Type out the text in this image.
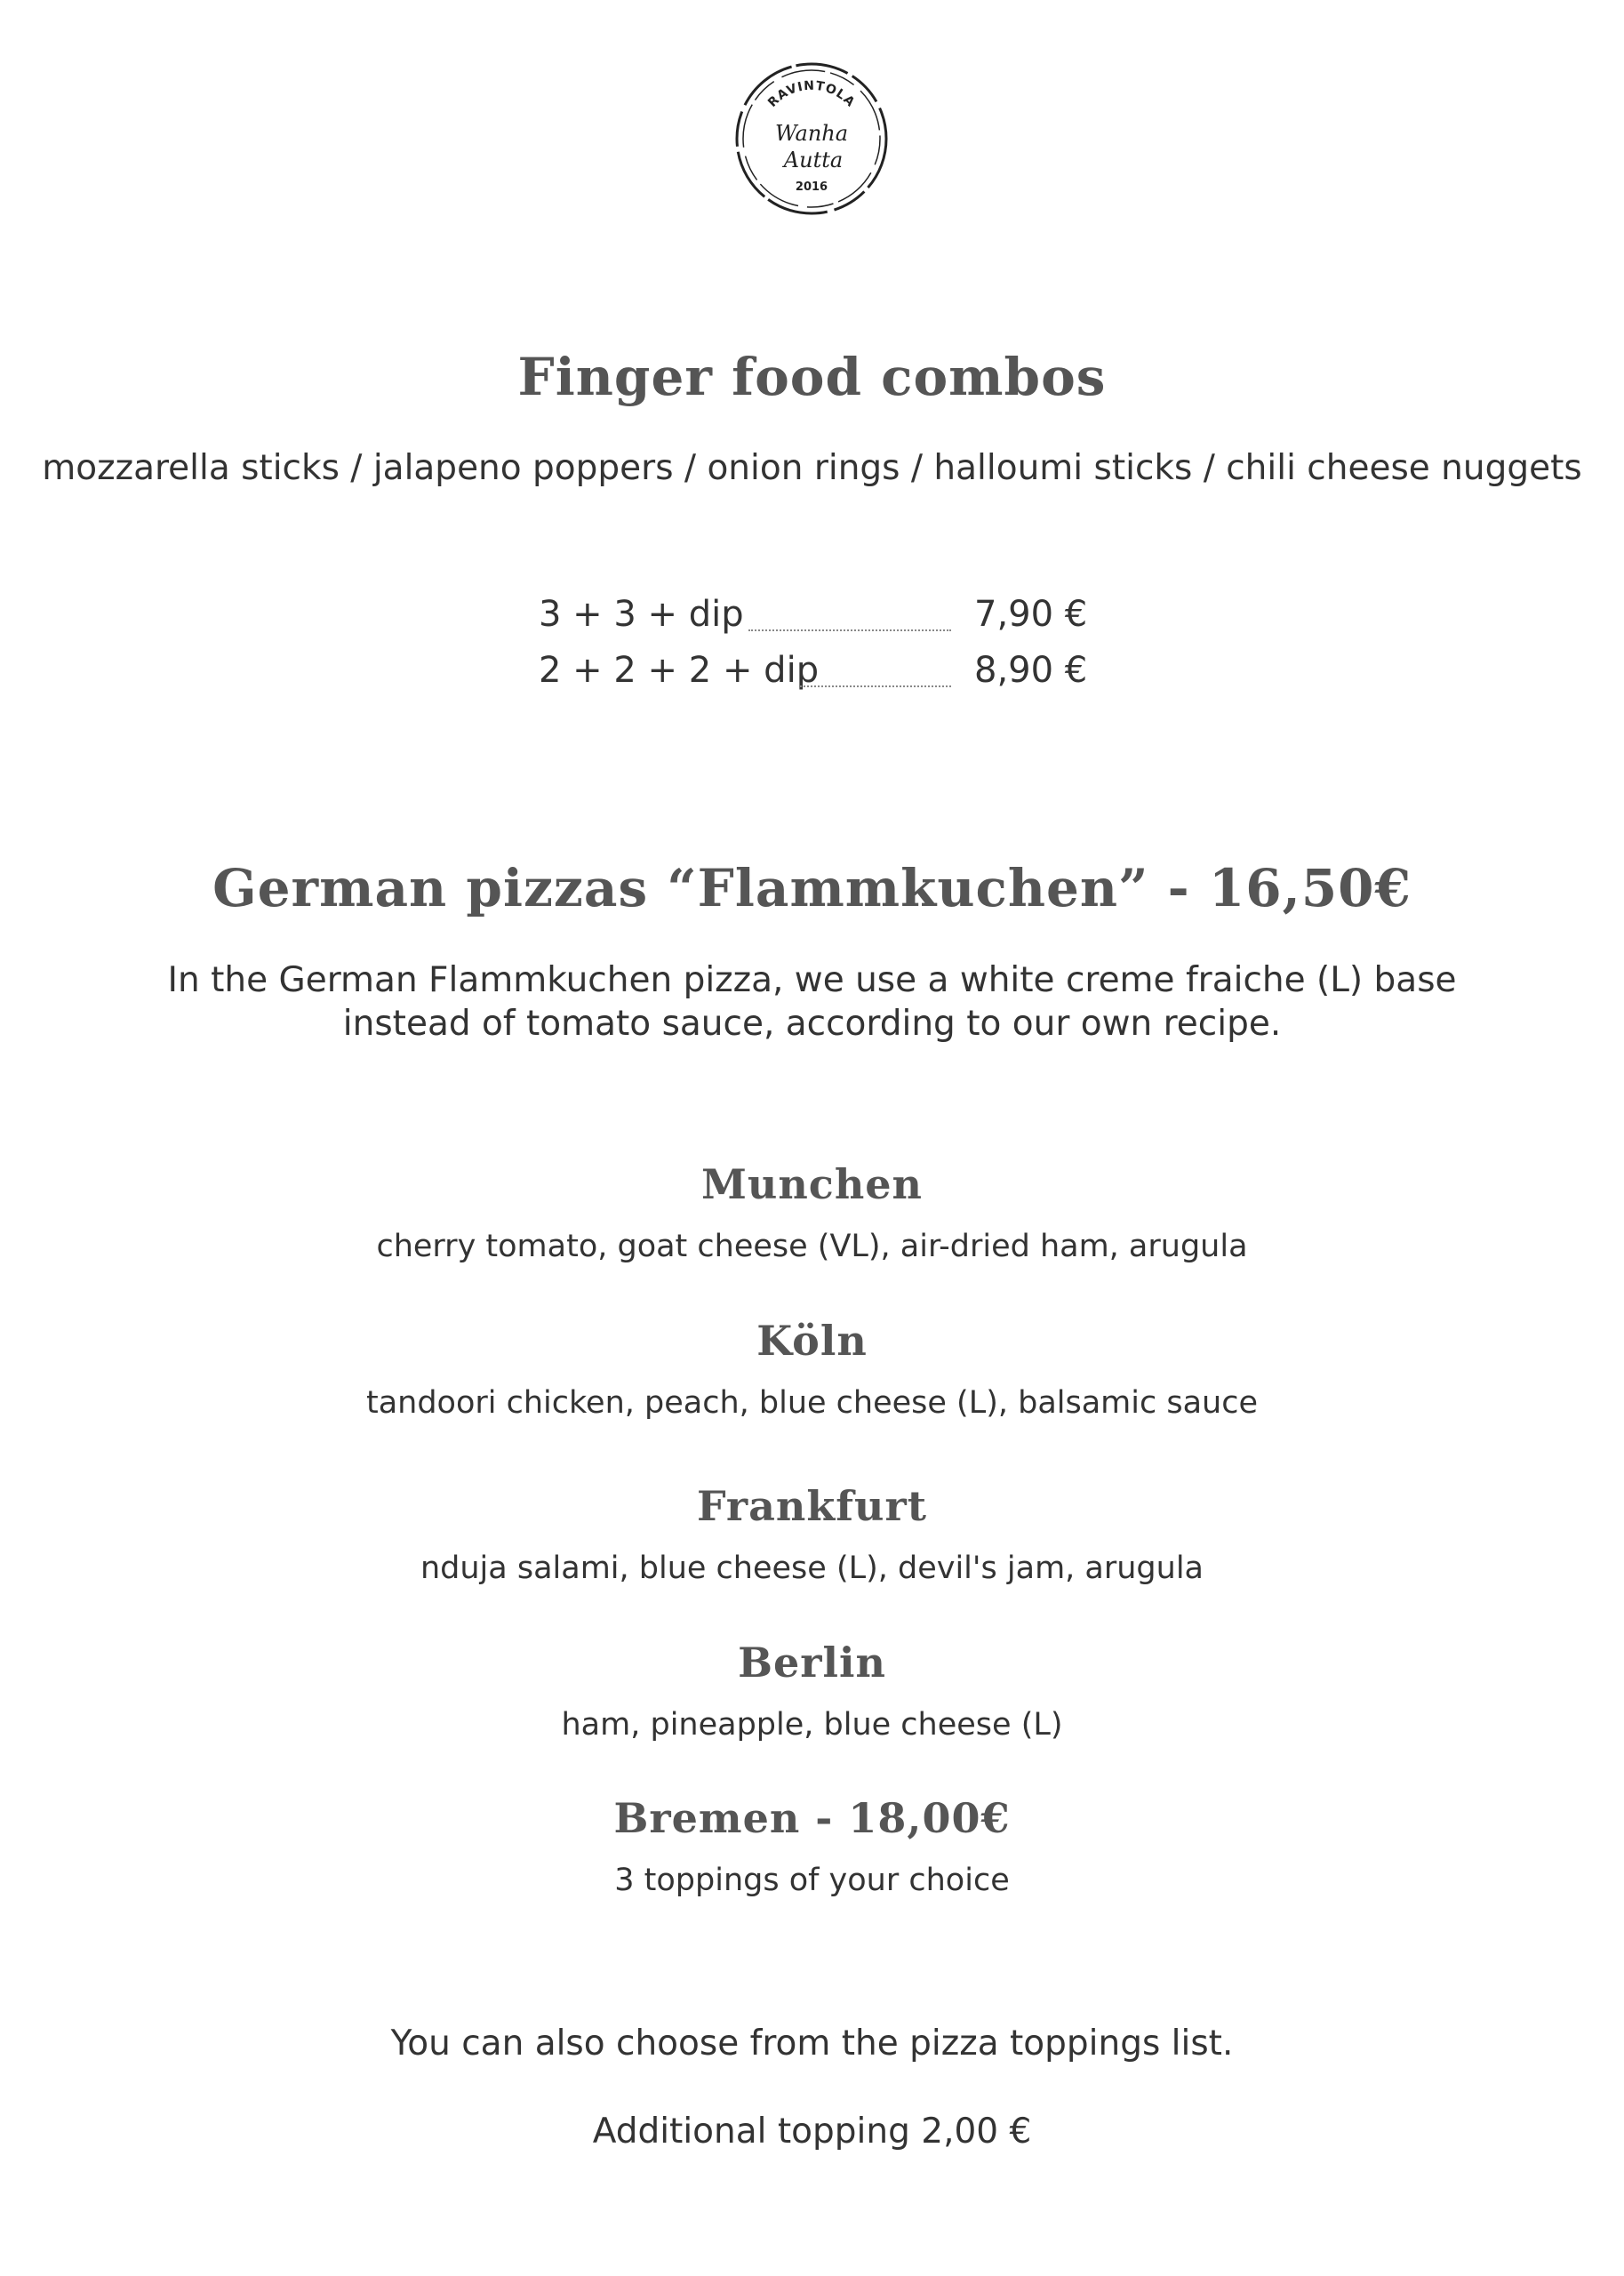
RAVINTOLA
Wanha
Autta
2016
Finger food combos
mozzarella sticks / jalapeno poppers / onion rings / halloumi sticks / chili cheese nuggets
3 + 3 + dip	7,90 €
2 + 2 + 2 + dip	8,90 €
German pizzas “Flammkuchen” - 16,50€
In the German Flammkuchen pizza, we use a white creme fraiche (L) base
instead of tomato sauce, according to our own recipe.
Munchen
cherry tomato, goat cheese (VL), air-dried ham, arugula
Köln
tandoori chicken, peach, blue cheese (L), balsamic sauce
Frankfurt
nduja salami, blue cheese (L), devil's jam, arugula
Berlin
ham, pineapple, blue cheese (L)
Bremen - 18,00€
3 toppings of your choice
You can also choose from the pizza toppings list.
Additional topping 2,00 €
